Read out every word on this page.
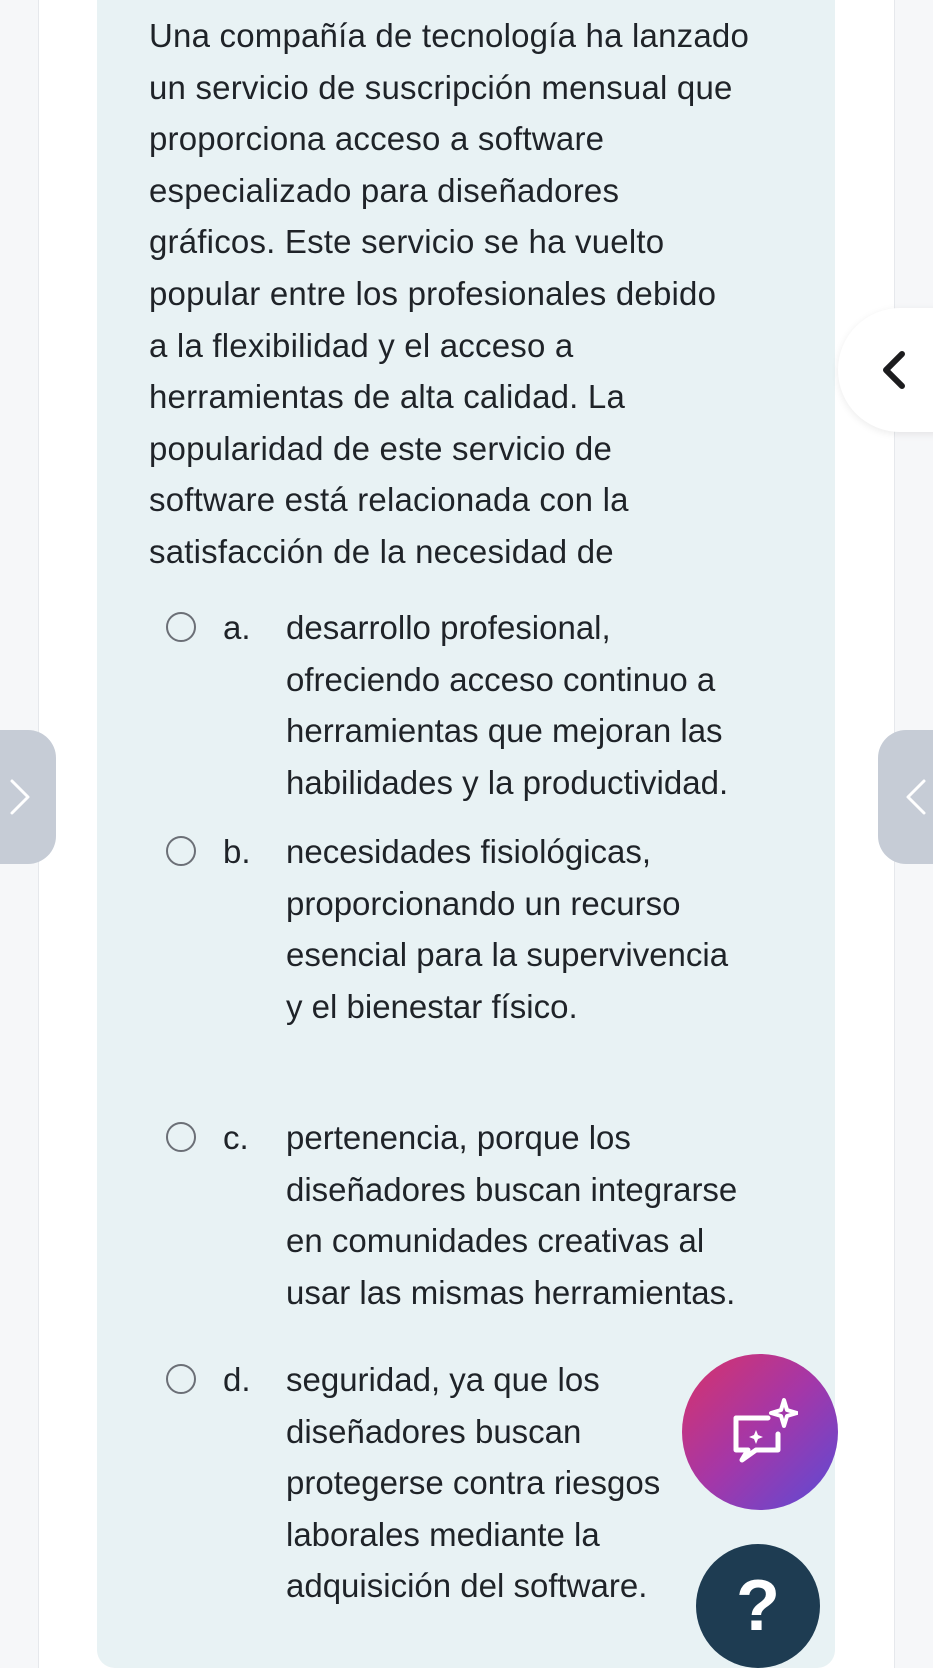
Una compañía de tecnología ha lanzado
un servicio de suscripción mensual que
proporciona acceso a software
especializado para diseñadores
gráficos. Este servicio se ha vuelto
popular entre los profesionales debido
a la flexibilidad y el acceso a
herramientas de alta calidad. La
popularidad de este servicio de
software está relacionada con la
satisfacción de la necesidad de

a. desarrollo profesional,
ofreciendo acceso continuo a
herramientas que mejoran las
habilidades y la productividad.
b. necesidades fisiológicas,
proporcionando un recurso
esencial para la supervivencia
y el bienestar físico.
c. pertenencia, porque los
diseñadores buscan integrarse
en comunidades creativas al
usar las mismas herramientas.
d. seguridad, ya que los
diseñadores buscan
protegerse contra riesgos
laborales mediante la
adquisición del software.	?
